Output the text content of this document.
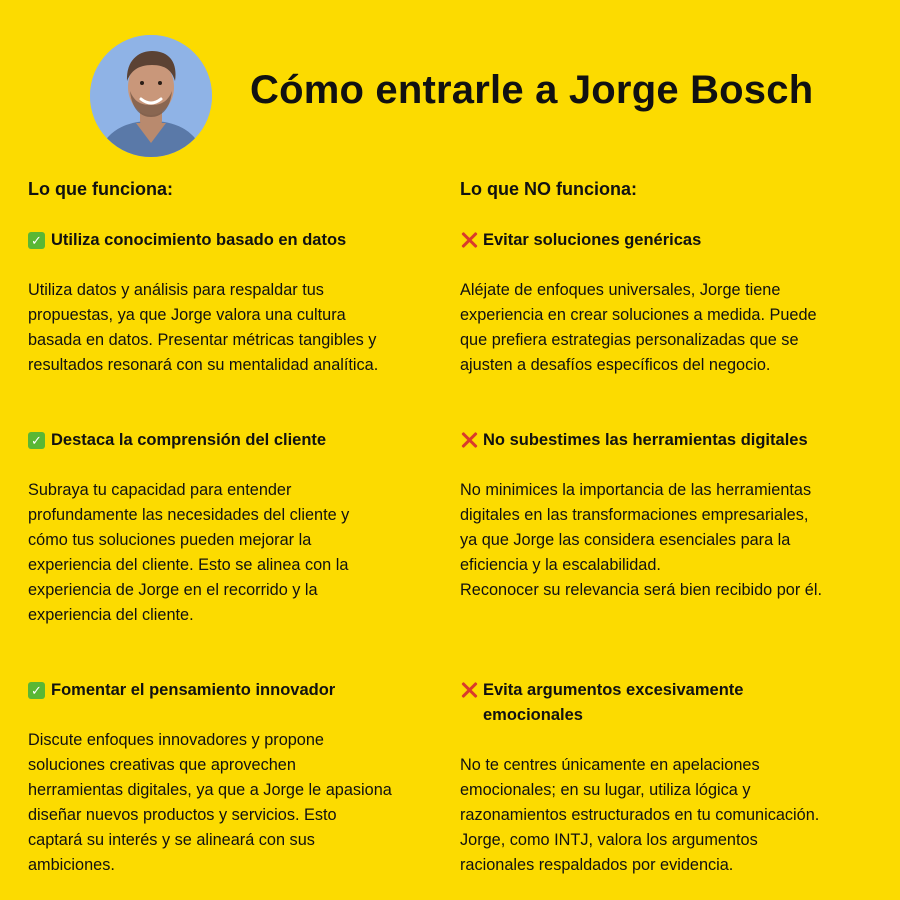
Cómo entrarle a Jorge Bosch
Lo que funciona:
✓ Utiliza conocimiento basado en datos

Utiliza datos y análisis para respaldar tus
propuestas, ya que Jorge valora una cultura
basada en datos. Presentar métricas tangibles y
resultados resonará con su mentalidad analítica.

✓ Destaca la comprensión del cliente

Subraya tu capacidad para entender
profundamente las necesidades del cliente y
cómo tus soluciones pueden mejorar la
experiencia del cliente. Esto se alinea con la
experiencia de Jorge en el recorrido y la
experiencia del cliente.

✓ Fomentar el pensamiento innovador

Discute enfoques innovadores y propone
soluciones creativas que aprovechen
herramientas digitales, ya que a Jorge le apasiona
diseñar nuevos productos y servicios. Esto
captará su interés y se alineará con sus
ambiciones.

Lo que NO funciona:
Evitar soluciones genéricas

Aléjate de enfoques universales, Jorge tiene
experiencia en crear soluciones a medida. Puede
que prefiera estrategias personalizadas que se
ajusten a desafíos específicos del negocio.

No subestimes las herramientas digitales

No minimices la importancia de las herramientas
digitales en las transformaciones empresariales,
ya que Jorge las considera esenciales para la
eficiencia y la escalabilidad.
Reconocer su relevancia será bien recibido por él.

Evita argumentos excesivamente
emocionales

No te centres únicamente en apelaciones
emocionales; en su lugar, utiliza lógica y
razonamientos estructurados en tu comunicación.
Jorge, como INTJ, valora los argumentos
racionales respaldados por evidencia.
